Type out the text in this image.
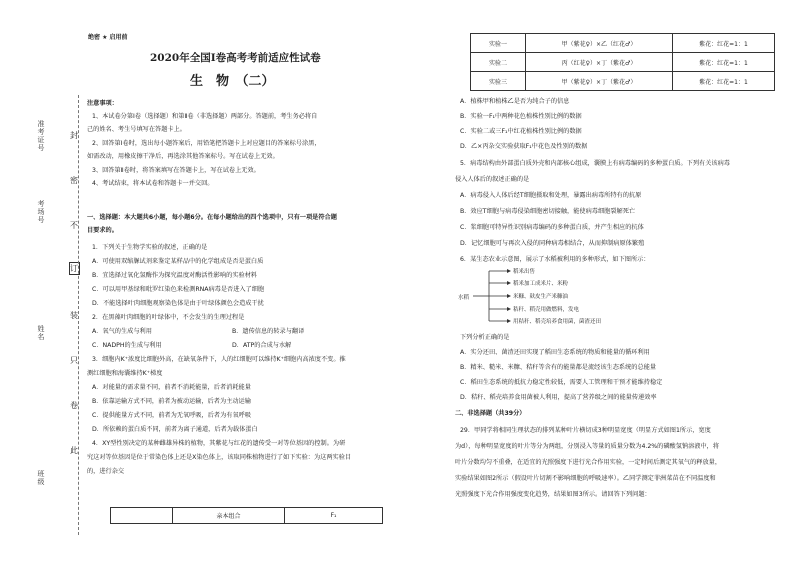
准考证号
考场号
姓名
班级
封
密
不
订
装
只
卷
此
绝密 ★ 启用前
2020年全国Ⅰ卷高考考前适应性试卷
生　物　（二）
注意事项：
1、本试卷分第Ⅰ卷（选择题）和第Ⅱ卷（非选择题）两部分。答题前，考生务必将自
己的姓名、考生号填写在答题卡上。
2、回答第Ⅰ卷时，选出每小题答案后，用铅笔把答题卡上对应题目的答案标号涂黑，
如需改动，用橡皮擦干净后，再选涂其他答案标号。写在试卷上无效。
3、回答第Ⅱ卷时，将答案填写在答题卡上，写在试卷上无效。
4、考试结束，将本试卷和答题卡一并交回。
一、选择题：本大题共6小题，每小题6分。在每小题给出的四个选项中，只有一项是符合题
目要求的。
1．下列关于生物学实验的叙述，正确的是
A．可使用双缩脲试剂来鉴定某样品中的化学组成是否是蛋白质
B．宜选择过氧化氢酶作为探究温度对酶活性影响的实验材料
C．可以用甲基绿和吡罗红染色来检测RNA病毒是否进入了细胞
D．不能选择叶肉细胞观察染色体是由于叶绿体颜色会造成干扰
2．在黑藻叶肉细胞的叶绿体中，不会发生的生理过程是
A．氧气的生成与利用	B．遗传信息的转录与翻译
C．NADPH的生成与利用	D．ATP的合成与水解
3．细胞内K⁺浓度比细胞外高，在缺氧条件下，人的红细胞可以维持K⁺细胞内高浓度不变。推
测红细胞和海囊维持K⁺梯度
A．对能量的需求量不同，前者不消耗能量，后者消耗能量
B．依靠运输方式不同，前者为被动运输，后者为主动运输
C．提供能量方式不同，前者为无氧呼吸，后者为有氧呼吸
D．所依赖的蛋白质不同，前者为离子通道，后者为载体蛋白
4．XY型性别决定的某种雌雄异株的植物，其紫花与红花的遗传受一对等位基因的控制。为研
究这对等位基因是位于常染色体上还是X染色体上，该取同株植物进行了如下实验：为这两实验目
的，进行杂交
	亲本组合	F₁
实验一	甲（紫花♀）×乙（红花♂）	紫花：红花=1：1
实验二	丙（红花♀）×丁（紫花♂）	紫花：红花=1：1
实验三	甲（紫花♀）×丁（紫花♂）	紫花：红花=1：1
A．植株甲和植株乙是否为纯合子的信息
B．实验一F₁中两种花色植株性别比例的数据
C．实验二或三F₁中红花植株性别比例的数据
D．乙×丙杂交实验获取F₁中花色及性别的数据
5．病毒结构由外部蛋白质外壳和内部核心组成，囊膜上有病毒编码的多种蛋白质。下列有关该病毒
侵入人体后的叙述正确的是
A．病毒侵入人体后经T细胞摄取和处理，暴露出病毒所特有的抗原
B．效应T细胞与病毒侵染细胞密切接触，能使病毒细胞裂解死亡
C．浆细胞可特异性识别病毒编码的多种蛋白质，并产生相应的抗体
D．记忆细胞可与再次入侵的同种病毒相结合，从而抑制病原体繁殖
6．某生态农业示意图，展示了水稻被利用的多种形式，如下图所示：
水稻
稻米出售
稻米加工成米片、米粉
米糠、麸皮生产米糠油
秸秆、稻壳用做燃料，发电
用秸秆、稻壳培养食用菌，菌渣还田
下列分析正确的是
A．实分还田、菌渣还田实现了稻田生态系统的物质和能量的循环利用
B．精米、糙米、米糠、秸秆等含有的能量都是流经该生态系统的总能量
C．稻田生态系统的抵抗力稳定性较低，需要人工管理和干预才能维持稳定
D．秸秆、稻壳培养食用菌被人利用，提高了营养级之间的能量传递效率
二、非选择题（共39分）
29．甲同学将相同生理状态的排列某种叶片横切成3种明显宽度（明显方式如图1所示，宽度
为d），每种明显宽度的叶片等分为两组，分别浸入等量的质量分数为4.2%的磷酸氢钠溶液中，将
叶片分数均匀不重叠，在适宜的光照强度下进行光合作用实验，一定时间后测定其氧气的释放量，
实验结果如图2所示（假设叶片切割不影响细胞的呼吸速率）。乙同学测定菲洲菜苗在不同温度和
光照强度下光合作用强度变化趋势，结果如图3所示。请回答下列问题：
